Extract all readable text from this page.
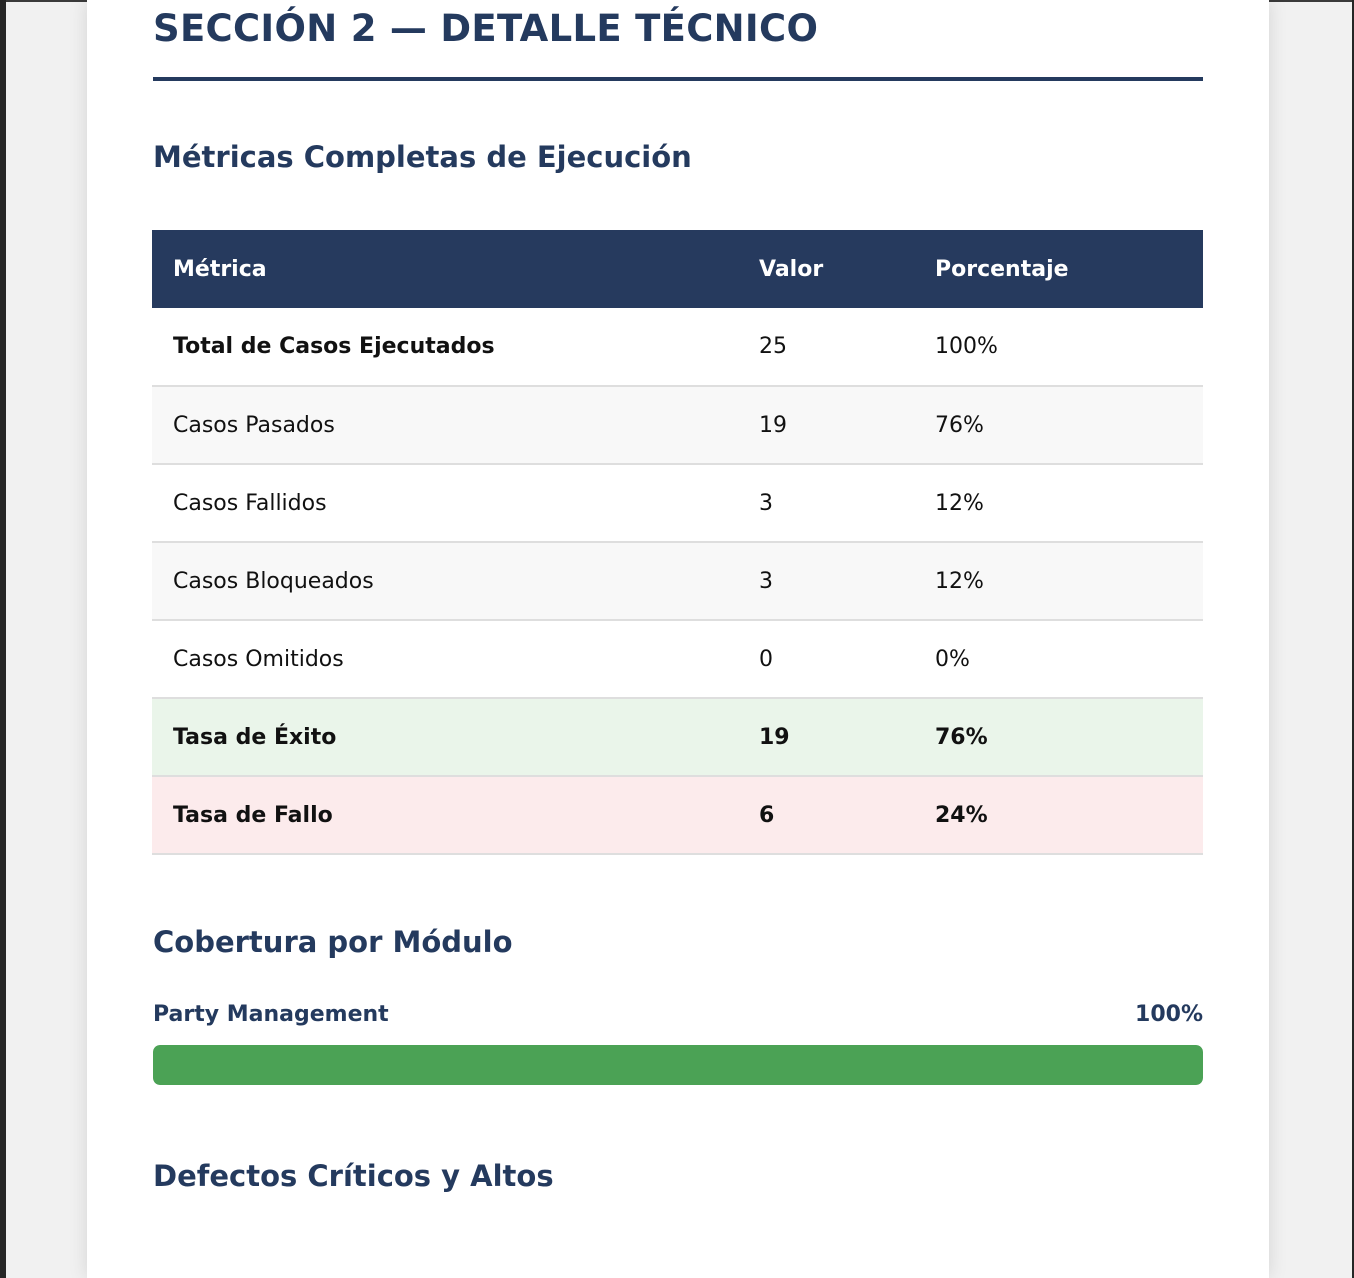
SECCIÓN 2 — DETALLE TÉCNICO
Métricas Completas de Ejecución
Métrica	Valor	Porcentaje
Total de Casos Ejecutados	25	100%
Casos Pasados	19	76%
Casos Fallidos	3	12%
Casos Bloqueados	3	12%
Casos Omitidos	0	0%
Tasa de Éxito	19	76%
Tasa de Fallo	6	24%
Cobertura por Módulo
Party Management	100%
Defectos Críticos y Altos
